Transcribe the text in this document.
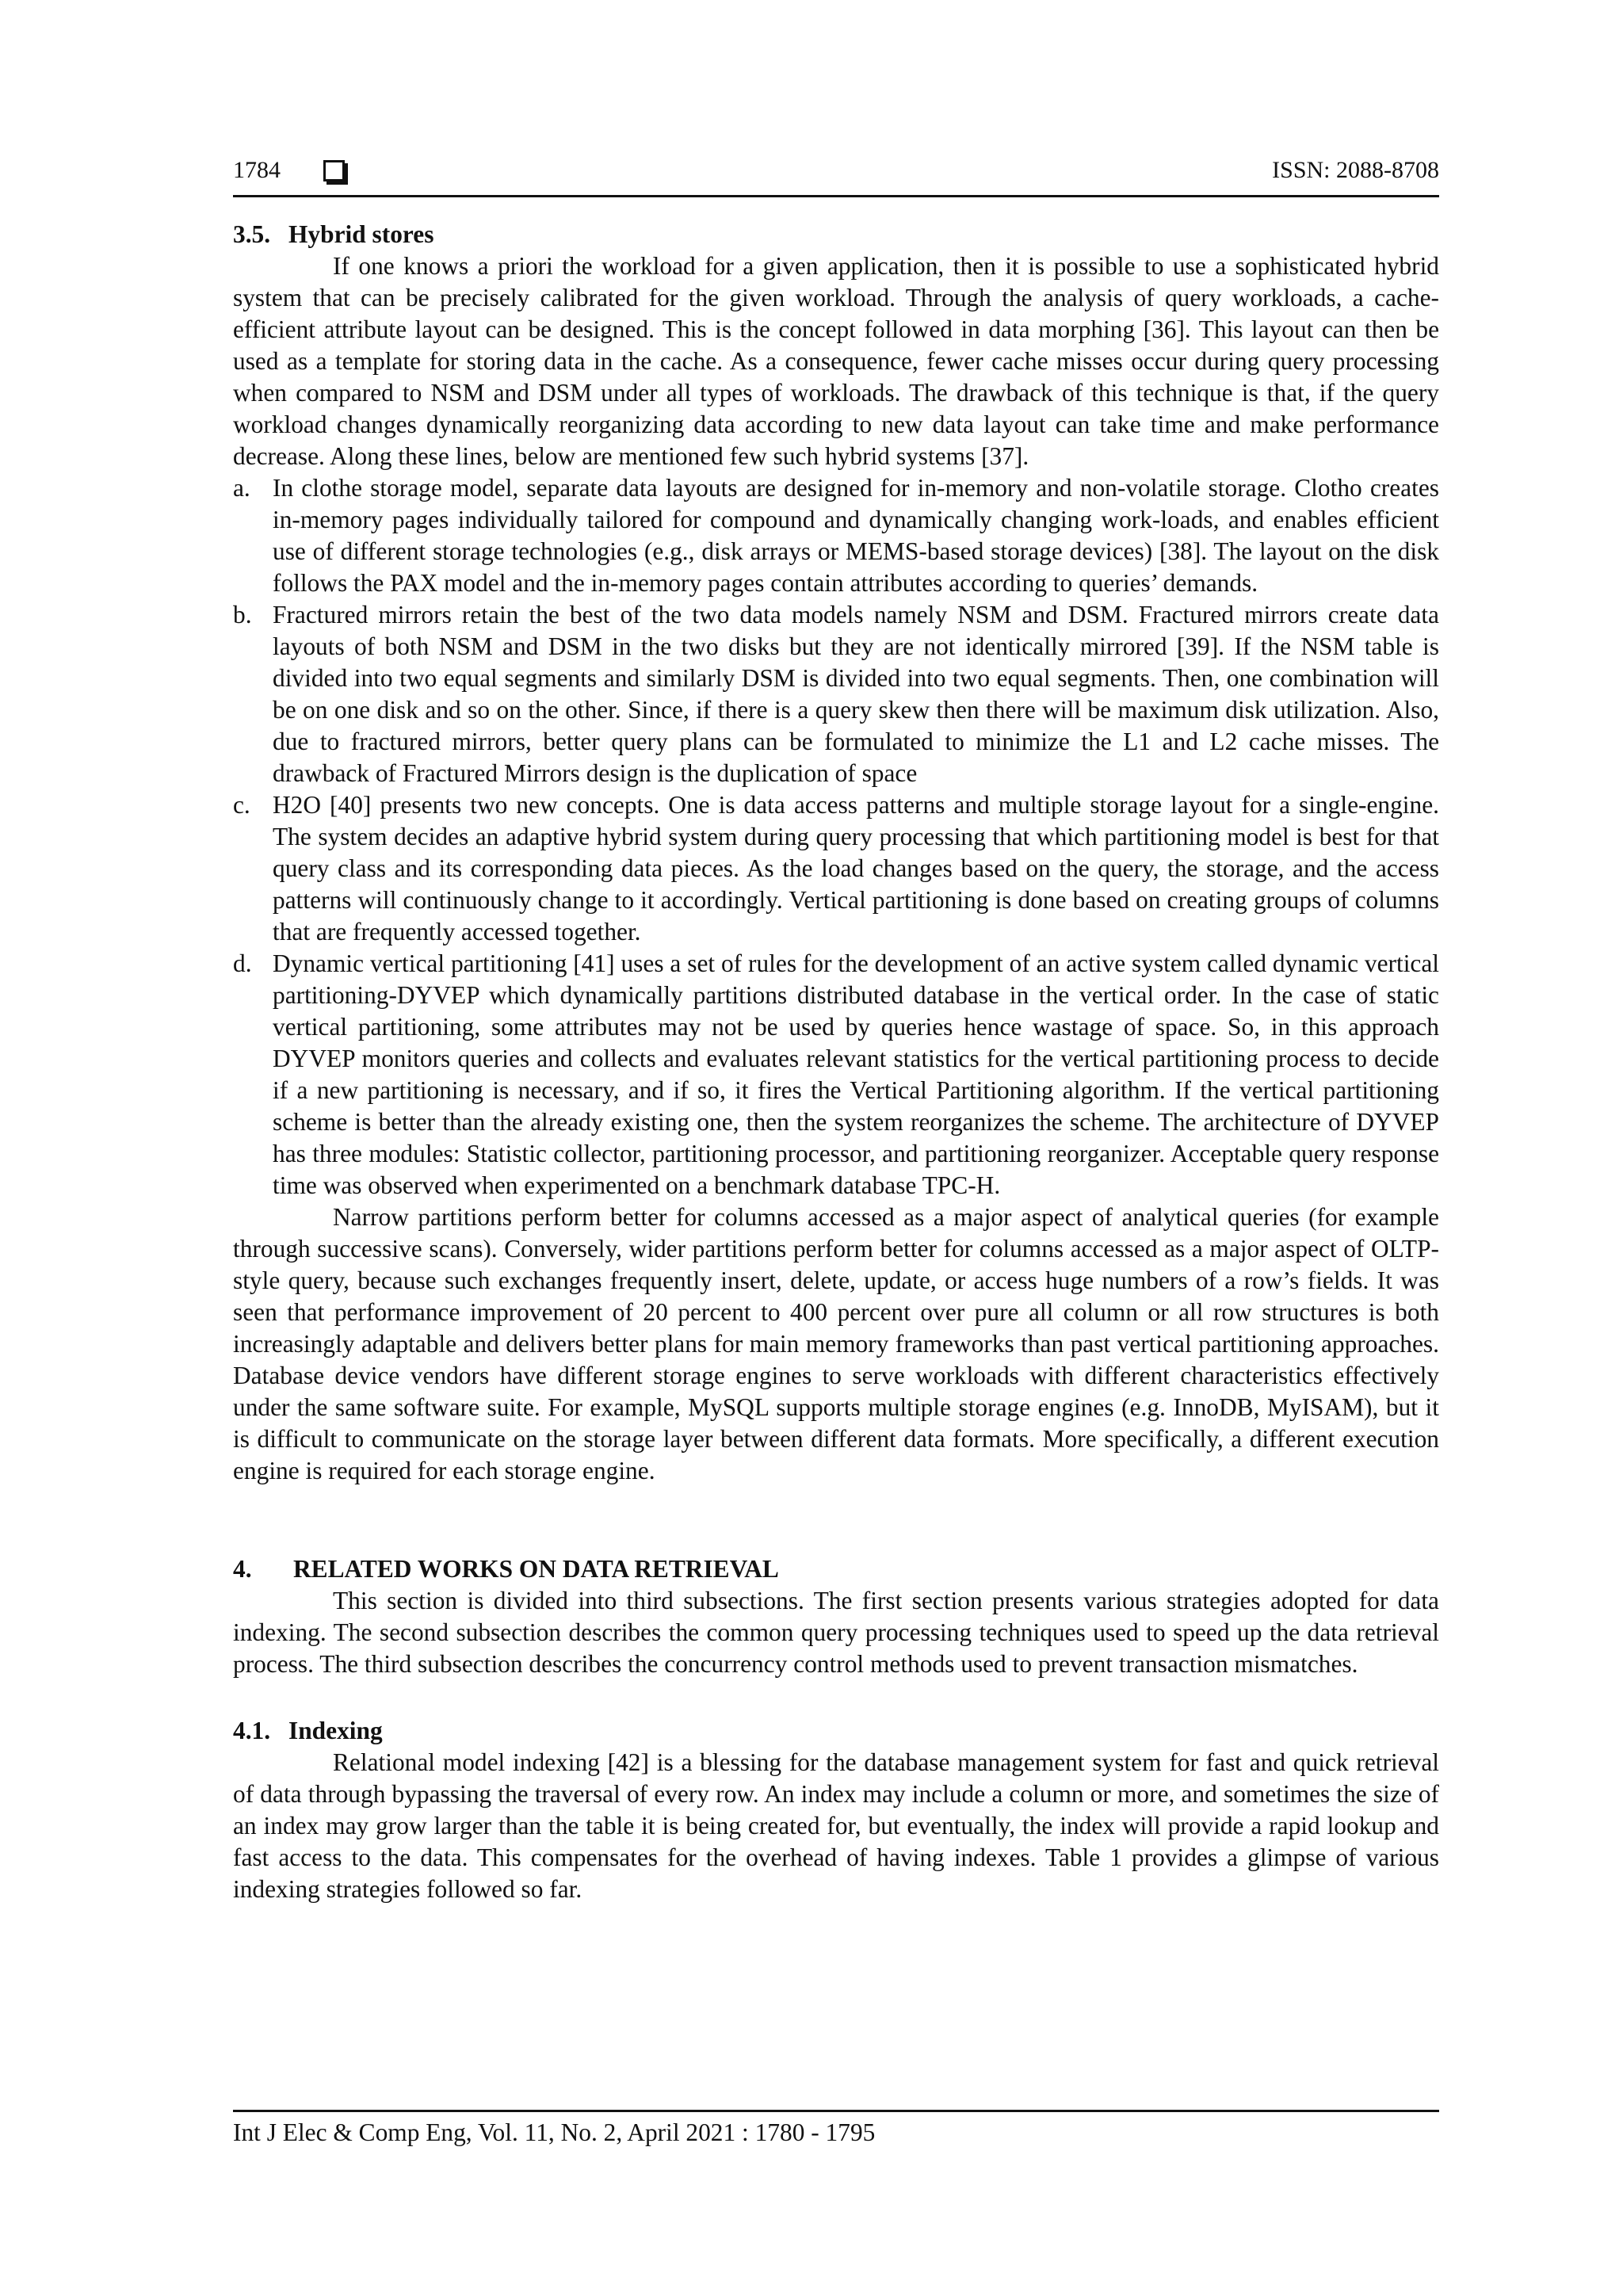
1784	ISSN: 2088-8708

3.5. Hybrid stores

If one knows a priori the workload for a given application, then it is possible to use a sophisticated hybrid system that can be precisely calibrated for the given workload. Through the analysis of query workloads, a cache-efficient attribute layout can be designed. This is the concept followed in data morphing [36]. This layout can then be used as a template for storing data in the cache. As a consequence, fewer cache misses occur during query processing when compared to NSM and DSM under all types of workloads. The drawback of this technique is that, if the query workload changes dynamically reorganizing data according to new data layout can take time and make performance decrease. Along these lines, below are mentioned few such hybrid systems [37].

a. In clothe storage model, separate data layouts are designed for in-memory and non-volatile storage. Clotho creates in-memory pages individually tailored for compound and dynamically changing work-loads, and enables efficient use of different storage technologies (e.g., disk arrays or MEMS-based storage devices) [38]. The layout on the disk follows the PAX model and the in-memory pages contain attributes according to queries’ demands.
b. Fractured mirrors retain the best of the two data models namely NSM and DSM. Fractured mirrors create data layouts of both NSM and DSM in the two disks but they are not identically mirrored [39]. If the NSM table is divided into two equal segments and similarly DSM is divided into two equal segments. Then, one combination will be on one disk and so on the other. Since, if there is a query skew then there will be maximum disk utilization. Also, due to fractured mirrors, better query plans can be formulated to minimize the L1 and L2 cache misses. The drawback of Fractured Mirrors design is the duplication of space
c. H2O [40] presents two new concepts. One is data access patterns and multiple storage layout for a single-engine. The system decides an adaptive hybrid system during query processing that which partitioning model is best for that query class and its corresponding data pieces. As the load changes based on the query, the storage, and the access patterns will continuously change to it accordingly. Vertical partitioning is done based on creating groups of columns that are frequently accessed together.
d. Dynamic vertical partitioning [41] uses a set of rules for the development of an active system called dynamic vertical partitioning-DYVEP which dynamically partitions distributed database in the vertical order. In the case of static vertical partitioning, some attributes may not be used by queries hence wastage of space. So, in this approach DYVEP monitors queries and collects and evaluates relevant statistics for the vertical partitioning process to decide if a new partitioning is necessary, and if so, it fires the Vertical Partitioning algorithm. If the vertical partitioning scheme is better than the already existing one, then the system reorganizes the scheme. The architecture of DYVEP has three modules: Statistic collector, partitioning processor, and partitioning reorganizer. Acceptable query response time was observed when experimented on a benchmark database TPC-H.

Narrow partitions perform better for columns accessed as a major aspect of analytical queries (for example through successive scans). Conversely, wider partitions perform better for columns accessed as a major aspect of OLTP-style query, because such exchanges frequently insert, delete, update, or access huge numbers of a row’s fields. It was seen that performance improvement of 20 percent to 400 percent over pure all column or all row structures is both increasingly adaptable and delivers better plans for main memory frameworks than past vertical partitioning approaches. Database device vendors have different storage engines to serve workloads with different characteristics effectively under the same software suite. For example, MySQL supports multiple storage engines (e.g. InnoDB, MyISAM), but it is difficult to communicate on the storage layer between different data formats. More specifically, a different execution engine is required for each storage engine.

4. RELATED WORKS ON DATA RETRIEVAL

This section is divided into third subsections. The first section presents various strategies adopted for data indexing. The second subsection describes the common query processing techniques used to speed up the data retrieval process. The third subsection describes the concurrency control methods used to prevent transaction mismatches.

4.1. Indexing

Relational model indexing [42] is a blessing for the database management system for fast and quick retrieval of data through bypassing the traversal of every row. An index may include a column or more, and sometimes the size of an index may grow larger than the table it is being created for, but eventually, the index will provide a rapid lookup and fast access to the data. This compensates for the overhead of having indexes. Table 1 provides a glimpse of various indexing strategies followed so far.

Int J Elec & Comp Eng, Vol. 11, No. 2, April 2021 : 1780 - 1795
